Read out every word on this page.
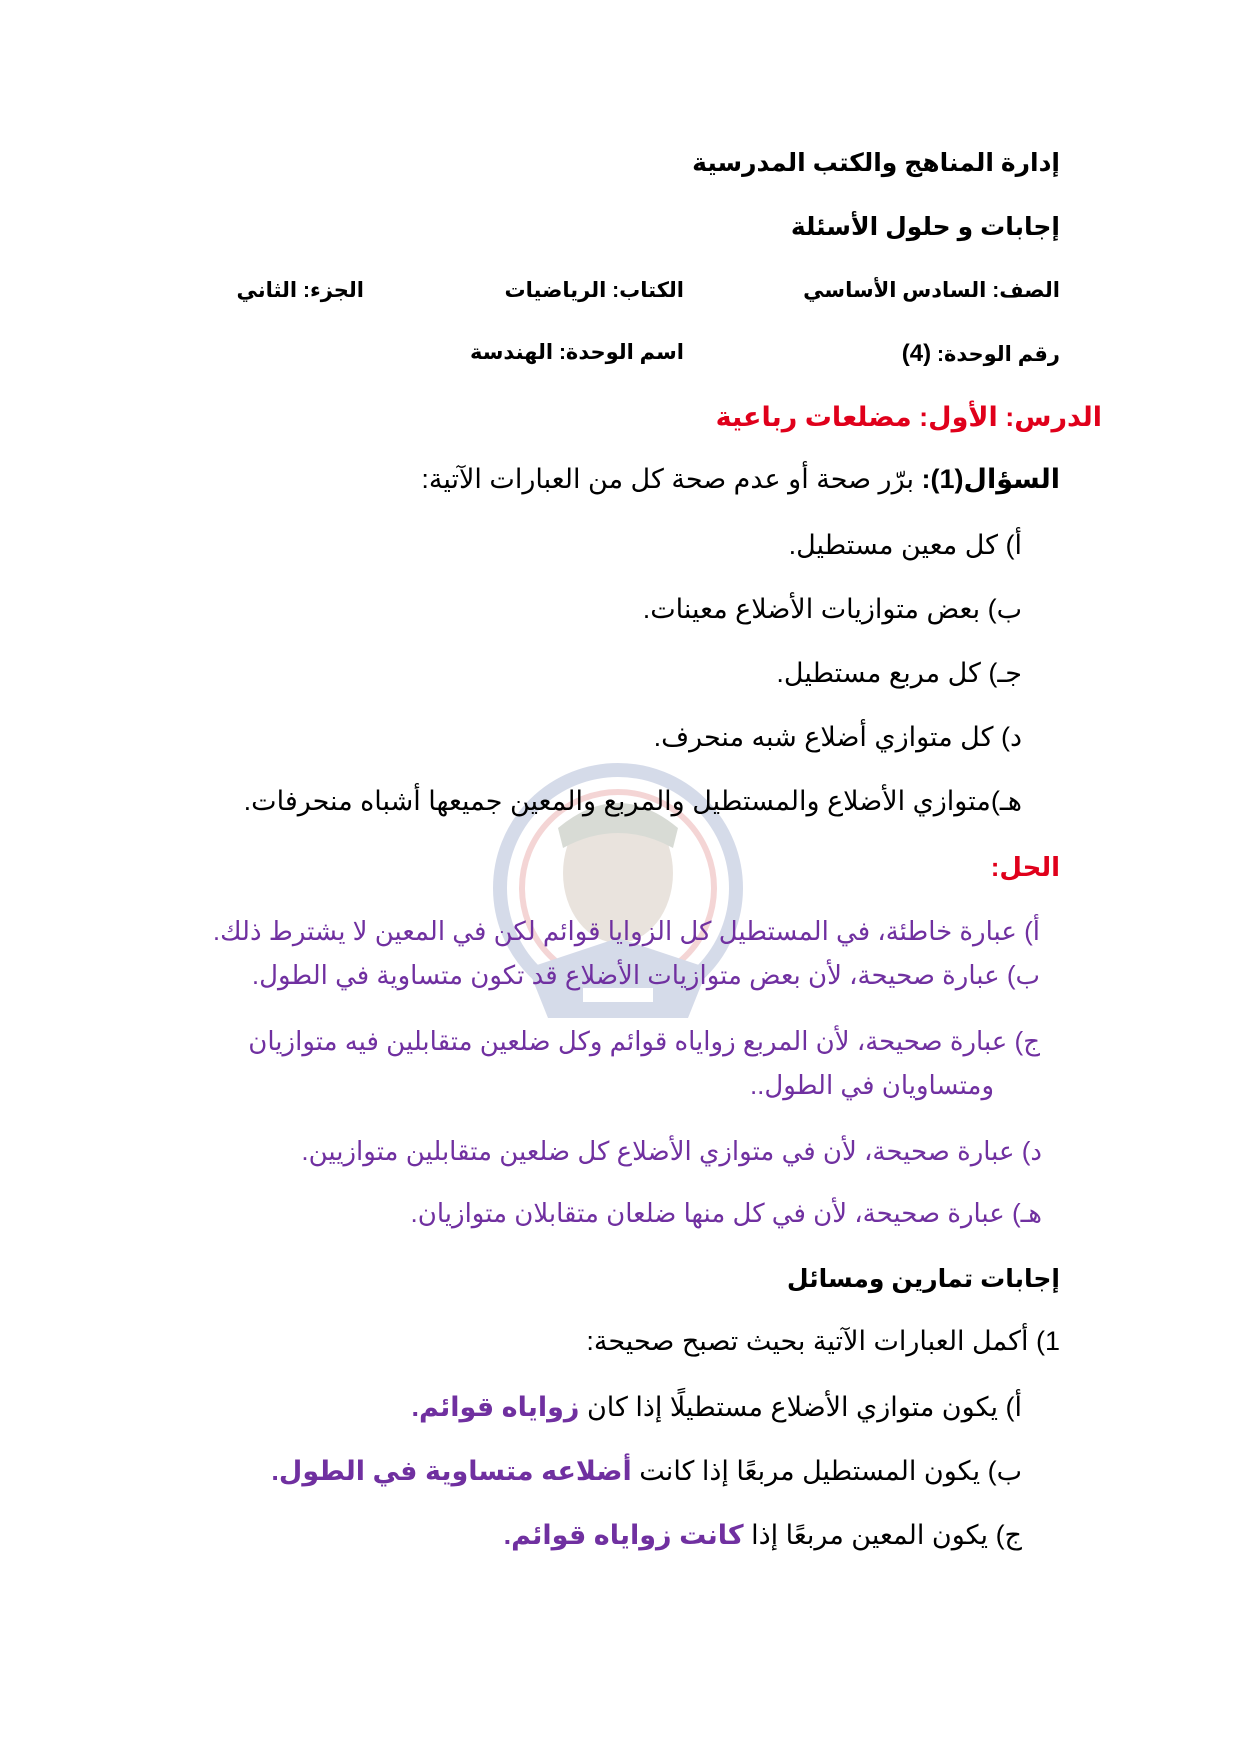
إدارة المناهج والكتب المدرسية
إجابات و حلول الأسئلة
الصف: السادس الأساسي
الكتاب: الرياضيات
الجزء: الثاني
رقم الوحدة: (4)
اسم الوحدة: الهندسة
الدرس: الأول: مضلعات رباعية
السؤال(1): برّر صحة أو عدم صحة كل من العبارات الآتية:
أ) كل معين مستطيل.
ب) بعض متوازيات الأضلاع معينات.
جـ) كل مربع مستطيل.
د) كل متوازي أضلاع شبه منحرف.
هـ)متوازي الأضلاع والمستطيل والمربع والمعين جميعها أشباه منحرفات.
الحل:
أ) عبارة خاطئة، في المستطيل كل الزوايا قوائم لكن في المعين لا يشترط ذلك.
ب) عبارة صحيحة، لأن بعض متوازيات الأضلاع قد تكون متساوية في الطول.
ج) عبارة صحيحة، لأن المربع زواياه قوائم وكل ضلعين متقابلين فيه متوازيان
ومتساويان في الطول..
د) عبارة صحيحة، لأن في متوازي الأضلاع كل ضلعين متقابلين متوازيين.
هـ) عبارة صحيحة، لأن في كل منها ضلعان متقابلان متوازيان.
إجابات تمارين ومسائل
1) أكمل العبارات الآتية بحيث تصبح صحيحة:
أ) يكون متوازي الأضلاع مستطيلًا إذا كان زواياه قوائم.
ب) يكون المستطيل مربعًا إذا كانت أضلاعه متساوية في الطول.
ج) يكون المعين مربعًا إذا كانت زواياه قوائم.
